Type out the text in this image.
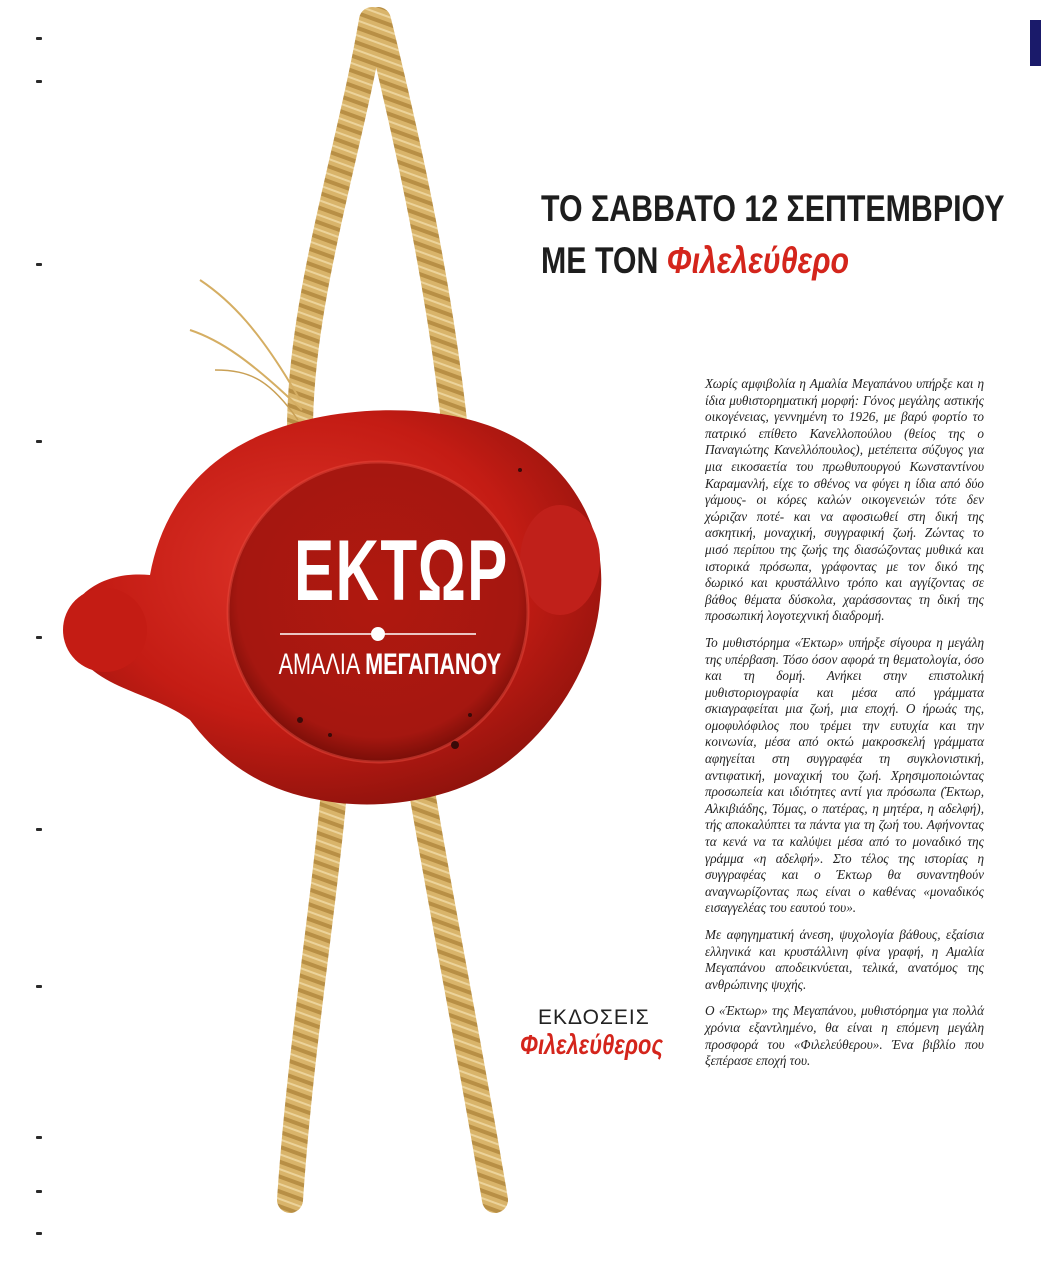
ΤΟ ΣΑΒΒΑΤΟ 12 ΣΕΠΤΕΜΒΡΙΟΥ
ΜΕ ΤΟΝ Φιλελεύθερο
ΕΚΤΩΡ
ΑΜΑΛΙΑ ΜΕΓΑΠΑΝΟΥ
ΕΚΔΟΣΕΙΣ
Φιλελεύθερος

Χωρίς αμφιβολία η Αμαλία Μεγαπάνου υπήρξε και η ίδια μυθιστορηματική μορφή: Γόνος μεγάλης αστικής οικογένειας, γεννημένη το 1926, με βαρύ φορτίο το πατρικό επίθετο Κανελλοπούλου (θείος της ο Παναγιώτης Κανελλόπουλος), μετέπειτα σύζυγος για μια εικοσαετία του πρωθυπουργού Κωνσταντίνου Καραμανλή, είχε το σθένος να φύγει η ίδια από δύο γάμους- οι κόρες καλών οικογενειών τότε δεν χώριζαν ποτέ- και να αφοσιωθεί στη δική της ασκητική, μοναχική, συγγραφική ζωή. Ζώντας το μισό περίπου της ζωής της διασώζοντας μυθικά και ιστορικά πρόσωπα, γράφοντας με τον δικό της δωρικό και κρυστάλλινο τρόπο και αγγίζοντας σε βάθος θέματα δύσκολα, χαράσσοντας τη δική της προσωπική λογοτεχνική διαδρομή.

Το μυθιστόρημα «Έκτωρ» υπήρξε σίγουρα η μεγάλη της υπέρβαση. Τόσο όσον αφορά τη θεματολογία, όσο και τη δομή. Ανήκει στην επιστολική μυθιστοριογραφία και μέσα από γράμματα σκιαγραφείται μια ζωή, μια εποχή. Ο ήρωάς της, ομοφυλόφιλος που τρέμει την ευτυχία και την κοινωνία, μέσα από οκτώ μακροσκελή γράμματα αφηγείται στη συγγραφέα τη συγκλονιστική, αντιφατική, μοναχική του ζωή. Χρησιμοποιώντας προσωπεία και ιδιότητες αντί για πρόσωπα (Έκτωρ, Αλκιβιάδης, Τόμας, ο πατέρας, η μητέρα, η αδελφή), τής αποκαλύπτει τα πάντα για τη ζωή του. Αφήνοντας τα κενά να τα καλύψει μέσα από το μοναδικό της γράμμα «η αδελφή». Στο τέλος της ιστορίας η συγγραφέας και ο Έκτωρ θα συναντηθούν αναγνωρίζοντας πως είναι ο καθένας «μοναδικός εισαγγελέας του εαυτού του».

Με αφηγηματική άνεση, ψυχολογία βάθους, εξαίσια ελληνικά και κρυστάλλινη φίνα γραφή, η Αμαλία Μεγαπάνου αποδεικνύεται, τελικά, ανατόμος της ανθρώπινης ψυχής.

Ο «Έκτωρ» της Μεγαπάνου, μυθιστόρημα για πολλά χρόνια εξαντλημένο, θα είναι η επόμενη μεγάλη προσφορά του «Φιλελεύθερου». Ένα βιβλίο που ξεπέρασε εποχή του.
